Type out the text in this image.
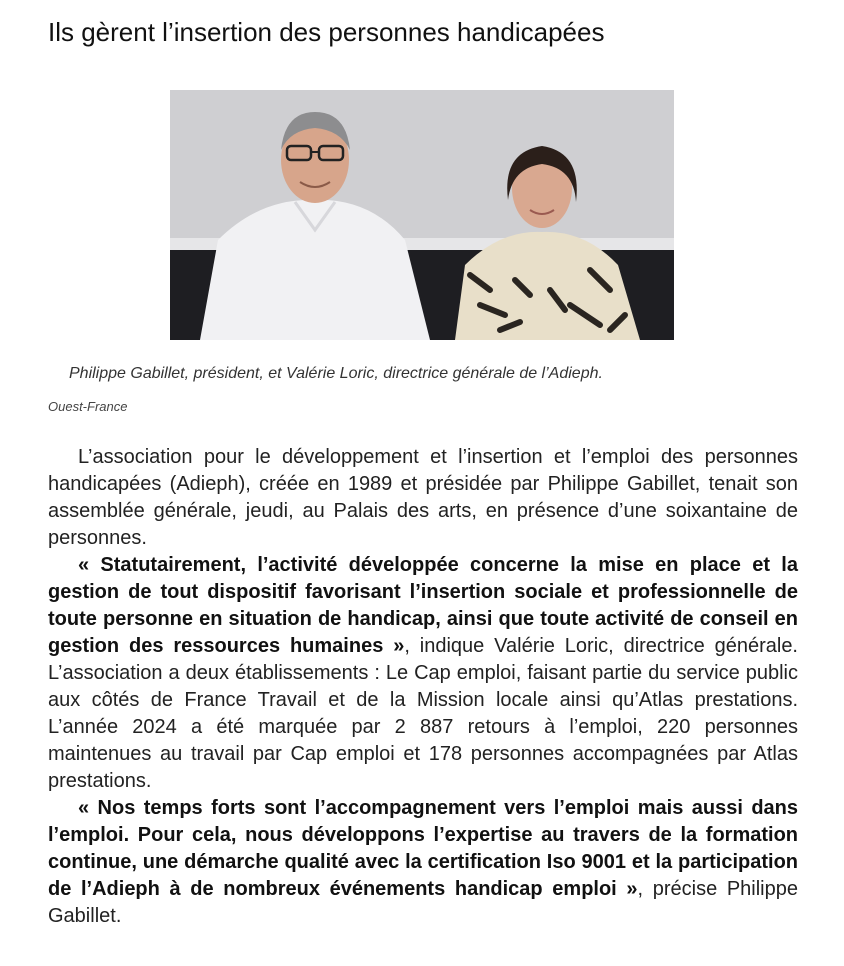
Ils gèrent l’insertion des personnes handicapées
Philippe Gabillet, président, et Valérie Loric, directrice générale de l’Adieph.
Ouest-France

L’association pour le développement et l’insertion et l’emploi des personnes handicapées (Adieph), créée en 1989 et présidée par Philippe Gabillet, tenait son assemblée générale, jeudi, au Palais des arts, en présence d’une soixantaine de personnes.

« Statutairement, l’activité développée concerne la mise en place et la gestion de tout dispositif favorisant l’insertion sociale et professionnelle de toute personne en situation de handicap, ainsi que toute activité de conseil en gestion des ressources humaines », indique Valérie Loric, directrice générale. L’association a deux établissements : Le Cap emploi, faisant partie du service public aux côtés de France Travail et de la Mission locale ainsi qu’Atlas prestations. L’année 2024 a été marquée par 2 887 retours à l’emploi, 220 personnes maintenues au travail par Cap emploi et 178 personnes accompagnées par Atlas prestations.

« Nos temps forts sont l’accompagnement vers l’emploi mais aussi dans l’emploi. Pour cela, nous développons l’expertise au travers de la formation continue, une démarche qualité avec la certification Iso 9001 et la participation de l’Adieph à de nombreux événements handicap emploi », précise Philippe Gabillet.
